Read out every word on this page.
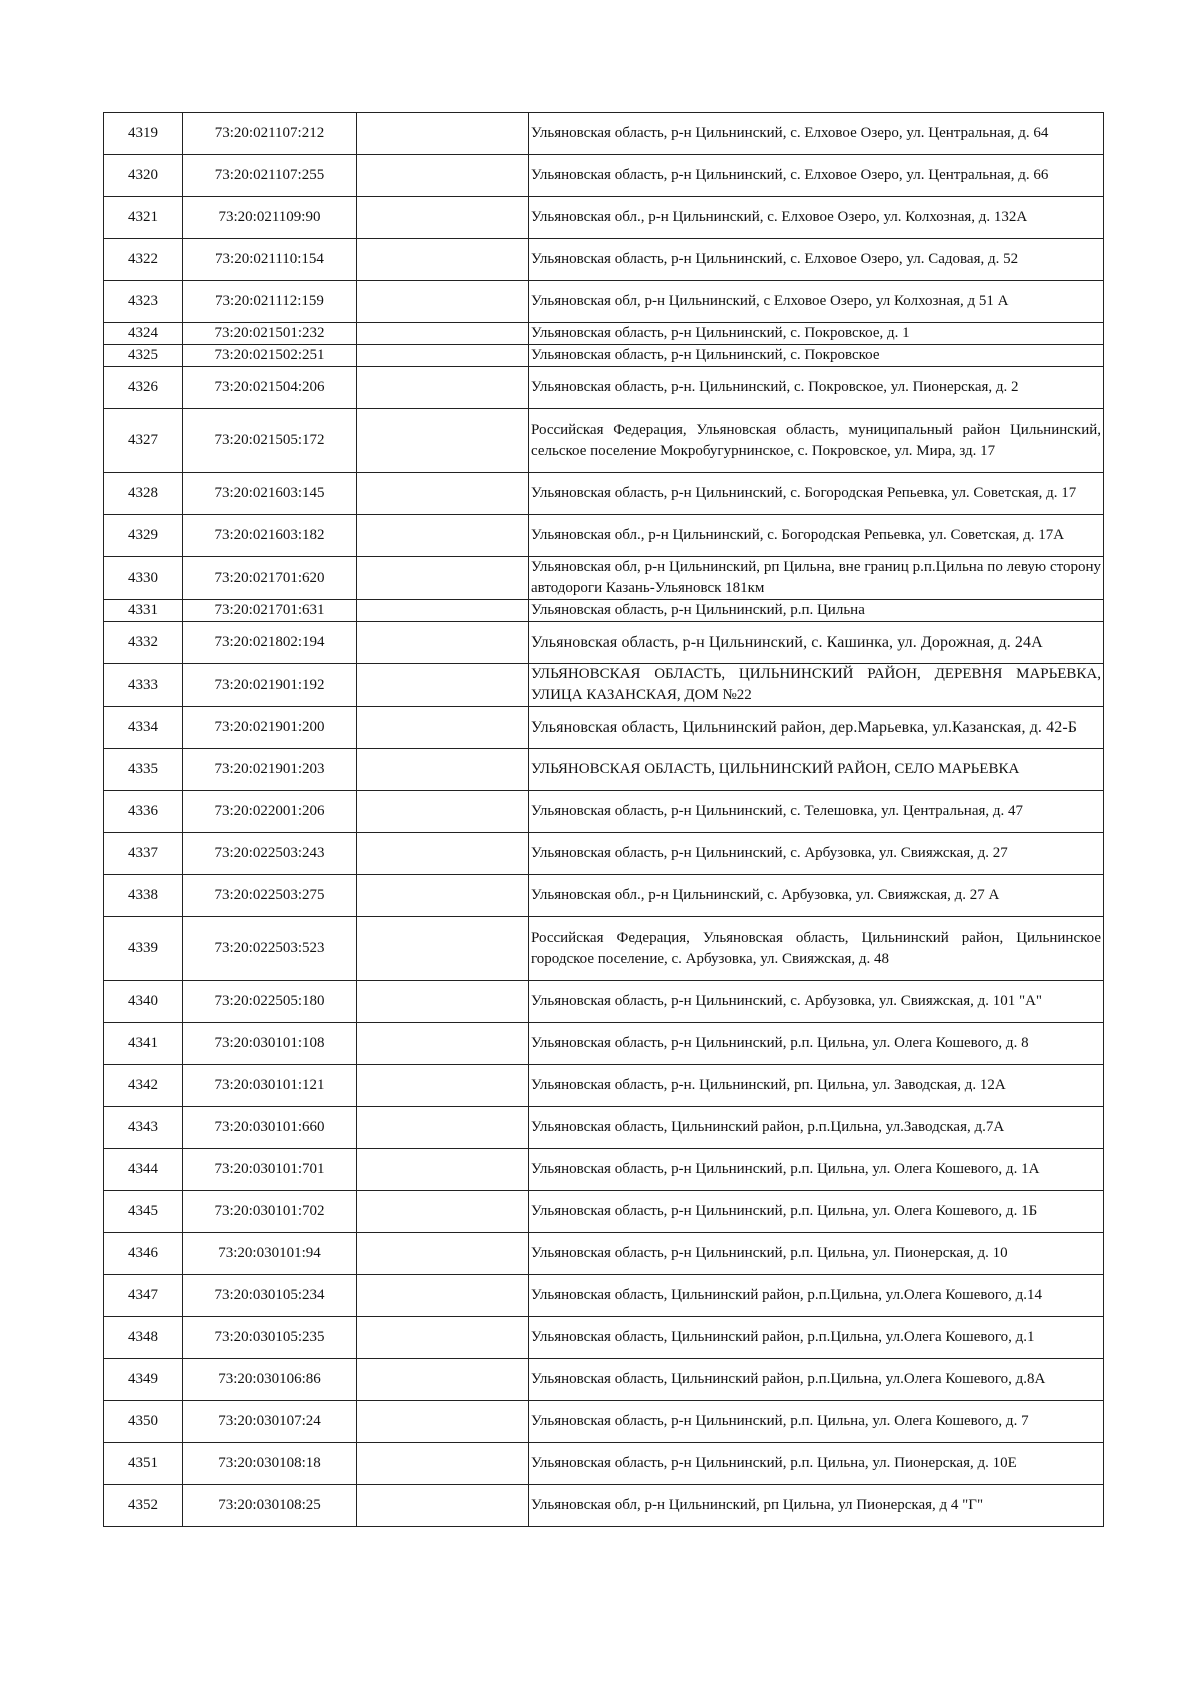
4319	73:20:021107:212		Ульяновская область, р-н Цильнинский, с. Елховое Озеро, ул. Центральная, д. 64
4320	73:20:021107:255		Ульяновская область, р-н Цильнинский, с. Елховое Озеро, ул. Центральная, д. 66
4321	73:20:021109:90		Ульяновская обл., р-н Цильнинский, с. Елховое Озеро, ул. Колхозная, д. 132А
4322	73:20:021110:154		Ульяновская область, р-н Цильнинский, с. Елховое Озеро, ул. Садовая, д. 52
4323	73:20:021112:159		Ульяновская обл, р-н Цильнинский, с Елховое Озеро, ул Колхозная, д 51 А
4324	73:20:021501:232		Ульяновская область, р-н Цильнинский, с. Покровское, д. 1
4325	73:20:021502:251		Ульяновская область, р-н Цильнинский, с. Покровское
4326	73:20:021504:206		Ульяновская область, р-н. Цильнинский, с. Покровское, ул. Пионерская, д. 2
4327	73:20:021505:172		Российская Федерация, Ульяновская область, муниципальный район Цильнинский, сельское поселение Мокробугурнинское, с. Покровское, ул. Мира, зд. 17
4328	73:20:021603:145		Ульяновская область, р-н Цильнинский, с. Богородская Репьевка, ул. Советская, д. 17
4329	73:20:021603:182		Ульяновская обл., р-н Цильнинский, с. Богородская Репьевка, ул. Советская, д. 17А
4330	73:20:021701:620		Ульяновская обл, р-н Цильнинский, рп Цильна, вне границ р.п.Цильна по левую сторону автодороги Казань-Ульяновск 181км
4331	73:20:021701:631		Ульяновская область, р-н Цильнинский, р.п. Цильна
4332	73:20:021802:194		Ульяновская область, р-н Цильнинский, с. Кашинка, ул. Дорожная, д. 24А
4333	73:20:021901:192		УЛЬЯНОВСКАЯ ОБЛАСТЬ, ЦИЛЬНИНСКИЙ РАЙОН, ДЕРЕВНЯ МАРЬЕВКА, УЛИЦА КАЗАНСКАЯ, ДОМ №22
4334	73:20:021901:200		Ульяновская область, Цильнинский район, дер.Марьевка, ул.Казанская, д. 42-Б
4335	73:20:021901:203		УЛЬЯНОВСКАЯ ОБЛАСТЬ, ЦИЛЬНИНСКИЙ РАЙОН, СЕЛО МАРЬЕВКА
4336	73:20:022001:206		Ульяновская область, р-н Цильнинский, с. Телешовка, ул. Центральная, д. 47
4337	73:20:022503:243		Ульяновская область, р-н Цильнинский, с. Арбузовка, ул. Свияжская, д. 27
4338	73:20:022503:275		Ульяновская обл., р-н Цильнинский, с. Арбузовка, ул. Свияжская, д. 27 А
4339	73:20:022503:523		Российская Федерация, Ульяновская область, Цильнинский район, Цильнинское городское поселение, с. Арбузовка, ул. Свияжская, д. 48
4340	73:20:022505:180		Ульяновская область, р-н Цильнинский, с. Арбузовка, ул. Свияжская, д. 101 "А"
4341	73:20:030101:108		Ульяновская область, р-н Цильнинский, р.п. Цильна, ул. Олега Кошевого, д. 8
4342	73:20:030101:121		Ульяновская область, р-н. Цильнинский, рп. Цильна, ул. Заводская, д. 12А
4343	73:20:030101:660		Ульяновская область, Цильнинский район, р.п.Цильна, ул.Заводская, д.7А
4344	73:20:030101:701		Ульяновская область, р-н Цильнинский, р.п. Цильна, ул. Олега Кошевого, д. 1А
4345	73:20:030101:702		Ульяновская область, р-н Цильнинский, р.п. Цильна, ул. Олега Кошевого, д. 1Б
4346	73:20:030101:94		Ульяновская область, р-н Цильнинский, р.п. Цильна, ул. Пионерская, д. 10
4347	73:20:030105:234		Ульяновская область, Цильнинский район, р.п.Цильна, ул.Олега Кошевого, д.14
4348	73:20:030105:235		Ульяновская область, Цильнинский район, р.п.Цильна, ул.Олега Кошевого, д.1
4349	73:20:030106:86		Ульяновская область, Цильнинский район, р.п.Цильна, ул.Олега Кошевого, д.8А
4350	73:20:030107:24		Ульяновская область, р-н Цильнинский, р.п. Цильна, ул. Олега Кошевого, д. 7
4351	73:20:030108:18		Ульяновская область, р-н Цильнинский, р.п. Цильна, ул. Пионерская, д. 10Е
4352	73:20:030108:25		Ульяновская обл, р-н Цильнинский, рп Цильна, ул Пионерская, д 4 "Г"
